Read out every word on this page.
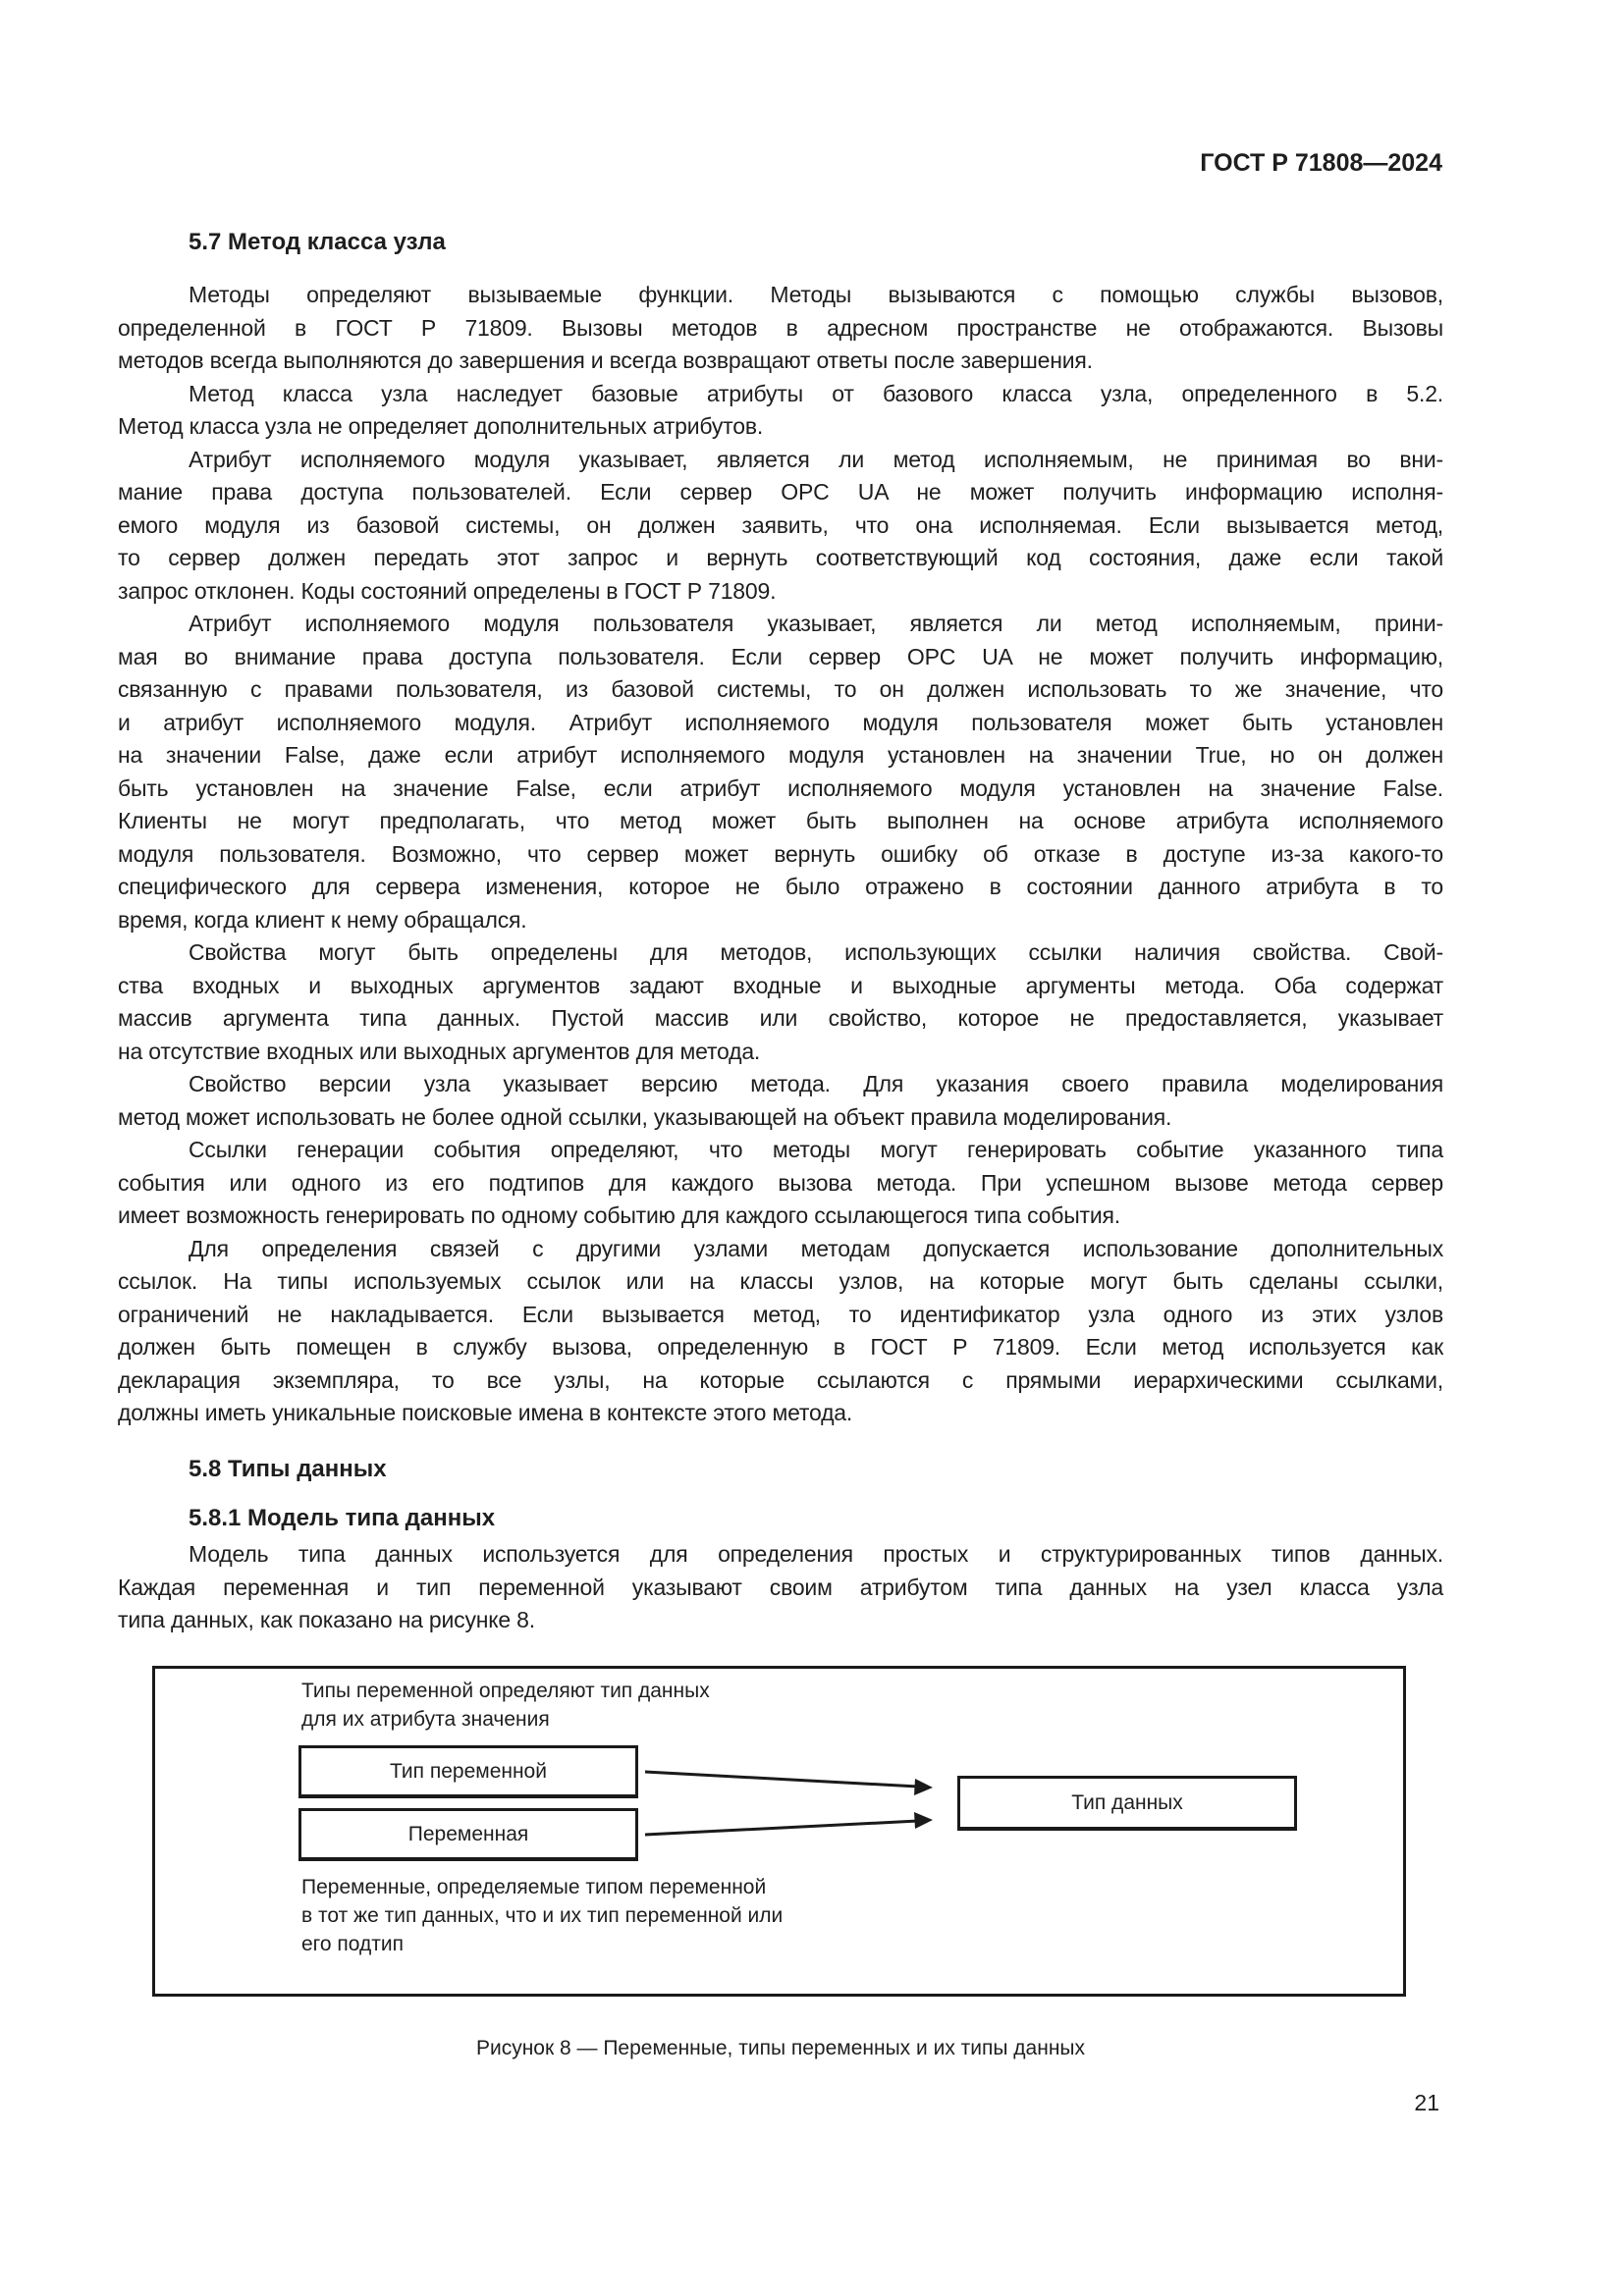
ГОСТ Р 71808—2024
5.7 Метод класса узла
Методы определяют вызываемые функции. Методы вызываются с помощью службы вызовов,
определенной в ГОСТ Р 71809. Вызовы методов в адресном пространстве не отображаются. Вызовы
методов всегда выполняются до завершения и всегда возвращают ответы после завершения.
Метод класса узла наследует базовые атрибуты от базового класса узла, определенного в 5.2.
Метод класса узла не определяет дополнительных атрибутов.
Атрибут исполняемого модуля указывает, является ли метод исполняемым, не принимая во вни-
мание права доступа пользователей. Если сервер OPC UA не может получить информацию исполня-
емого модуля из базовой системы, он должен заявить, что она исполняемая. Если вызывается метод,
то сервер должен передать этот запрос и вернуть соответствующий код состояния, даже если такой
запрос отклонен. Коды состояний определены в ГОСТ Р 71809.
Атрибут исполняемого модуля пользователя указывает, является ли метод исполняемым, прини-
мая во внимание права доступа пользователя. Если сервер OPC UA не может получить информацию,
связанную с правами пользователя, из базовой системы, то он должен использовать то же значение, что
и атрибут исполняемого модуля. Атрибут исполняемого модуля пользователя может быть установлен
на значении False, даже если атрибут исполняемого модуля установлен на значении True, но он должен
быть установлен на значение False, если атрибут исполняемого модуля установлен на значение False.
Клиенты не могут предполагать, что метод может быть выполнен на основе атрибута исполняемого
модуля пользователя. Возможно, что сервер может вернуть ошибку об отказе в доступе из-за какого-то
специфического для сервера изменения, которое не было отражено в состоянии данного атрибута в то
время, когда клиент к нему обращался.
Свойства могут быть определены для методов, использующих ссылки наличия свойства. Свой-
ства входных и выходных аргументов задают входные и выходные аргументы метода. Оба содержат
массив аргумента типа данных. Пустой массив или свойство, которое не предоставляется, указывает
на отсутствие входных или выходных аргументов для метода.
Свойство версии узла указывает версию метода. Для указания своего правила моделирования
метод может использовать не более одной ссылки, указывающей на объект правила моделирования.
Ссылки генерации события определяют, что методы могут генерировать событие указанного типа
события или одного из его подтипов для каждого вызова метода. При успешном вызове метода сервер
имеет возможность генерировать по одному событию для каждого ссылающегося типа события.
Для определения связей с другими узлами методам допускается использование дополнительных
ссылок. На типы используемых ссылок или на классы узлов, на которые могут быть сделаны ссылки,
ограничений не накладывается. Если вызывается метод, то идентификатор узла одного из этих узлов
должен быть помещен в службу вызова, определенную в ГОСТ Р 71809. Если метод используется как
декларация экземпляра, то все узлы, на которые ссылаются с прямыми иерархическими ссылками,
должны иметь уникальные поисковые имена в контексте этого метода.
5.8 Типы данных
5.8.1 Модель типа данных
Модель типа данных используется для определения простых и структурированных типов данных.
Каждая переменная и тип переменной указывают своим атрибутом типа данных на узел класса узла
типа данных, как показано на рисунке 8.
Типы переменной определяют тип данных
для их атрибута значения
Тип переменной
Переменная
Тип данных
Переменные, определяемые типом переменной
в тот же тип данных, что и их тип переменной или
его подтип
Рисунок 8 — Переменные, типы переменных и их типы данных
21
